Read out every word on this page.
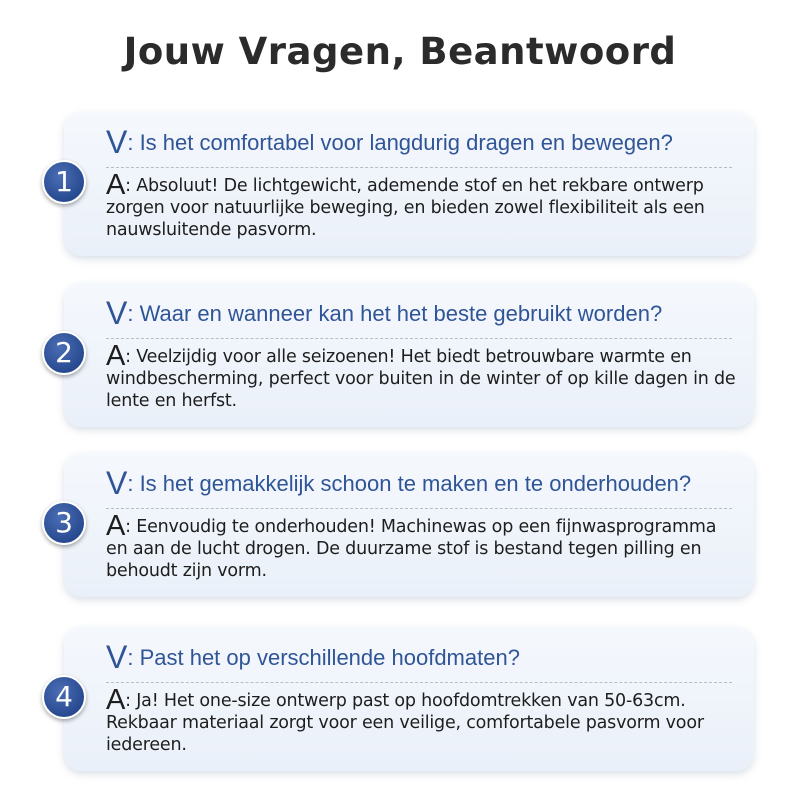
Jouw Vragen, Beantwoord
V: Is het comfortabel voor langdurig dragen en bewegen?
A: Absoluut! De lichtgewicht, ademende stof en het rekbare ontwerp zorgen voor natuurlijke beweging, en bieden zowel flexibiliteit als een nauwsluitende pasvorm.
1
V: Waar en wanneer kan het het beste gebruikt worden?
A: Veelzijdig voor alle seizoenen! Het biedt betrouwbare warmte en windbescherming, perfect voor buiten in de winter of op kille dagen in de lente en herfst.
2
V: Is het gemakkelijk schoon te maken en te onderhouden?
A: Eenvoudig te onderhouden! Machinewas op een fijnwasprogramma en aan de lucht drogen. De duurzame stof is bestand tegen pilling en behoudt zijn vorm.
3
V: Past het op verschillende hoofdmaten?
A: Ja! Het one-size ontwerp past op hoofdomtrekken van 50-63cm. Rekbaar materiaal zorgt voor een veilige, comfortabele pasvorm voor iedereen.
4
